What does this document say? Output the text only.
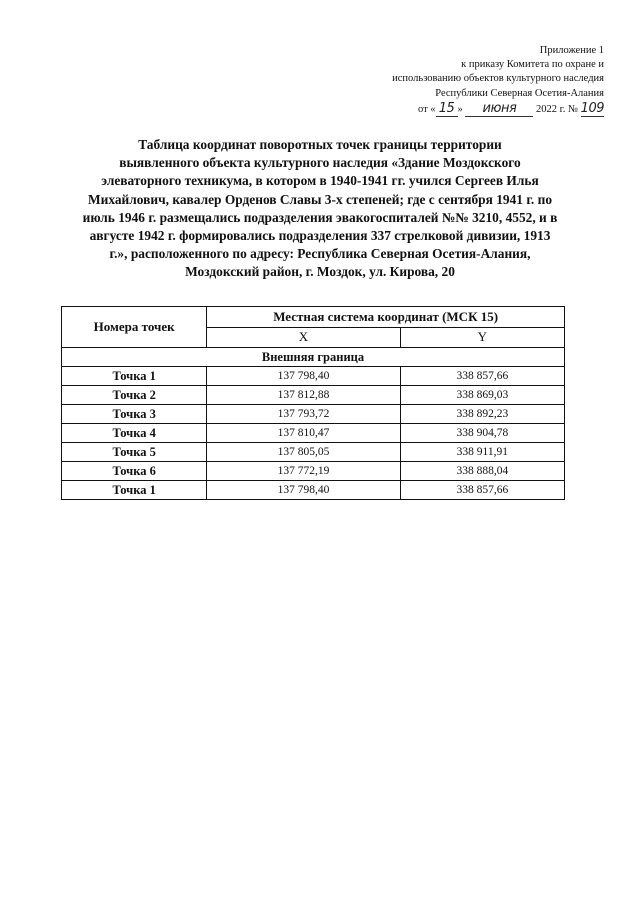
Приложение 1
к приказу Комитета по охране и
использованию объектов культурного наследия
Республики Северная Осетия-Алания
от « 15 » июня 2022 г. № 109
Таблица координат поворотных точек границы территории
выявленного объекта культурного наследия «Здание Моздокского
элеваторного техникума, в котором в 1940-1941 гг. учился Сергеев Илья
Михайлович, кавалер Орденов Славы 3-х степеней; где с сентября 1941 г. по
июль 1946 г. размещались подразделения эвакогоспиталей №№ 3210, 4552, и в
августе 1942 г. формировались подразделения 337 стрелковой дивизии, 1913
г.», расположенного по адресу: Республика Северная Осетия-Алания,
Моздокский район, г. Моздок, ул. Кирова, 20
Номера точек	Местная система координат (МСК 15)	
	X	Y
Внешняя граница		
Точка 1	137 798,40	338 857,66
Точка 2	137 812,88	338 869,03
Точка 3	137 793,72	338 892,23
Точка 4	137 810,47	338 904,78
Точка 5	137 805,05	338 911,91
Точка 6	137 772,19	338 888,04
Точка 1	137 798,40	338 857,66
